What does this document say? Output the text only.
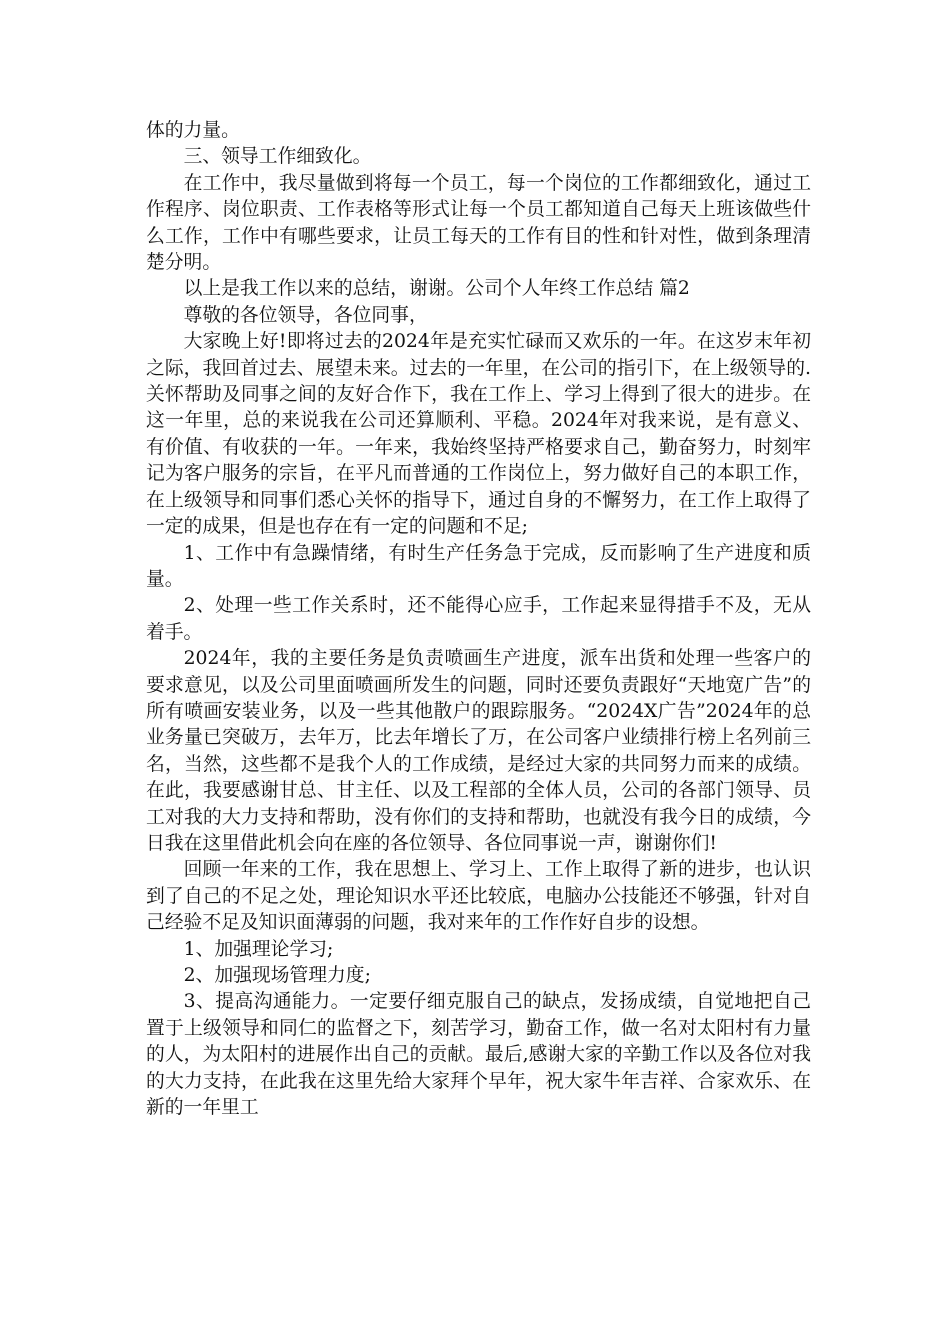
体的力量。

三、领导工作细致化。

在工作中，我尽量做到将每一个员工，每一个岗位的工作都细致化，通过工作程序、岗位职责、工作表格等形式让每一个员工都知道自己每天上班该做些什么工作，工作中有哪些要求，让员工每天的工作有目的性和针对性，做到条理清楚分明。

以上是我工作以来的总结，谢谢。公司个人年终工作总结 篇2

尊敬的各位领导，各位同事，

大家晚上好!即将过去的2024年是充实忙碌而又欢乐的一年。在这岁末年初之际，我回首过去、展望未来。过去的一年里，在公司的指引下，在上级领导的.关怀帮助及同事之间的友好合作下，我在工作上、学习上得到了很大的进步。在这一年里，总的来说我在公司还算顺利、平稳。2024年对我来说，是有意义、有价值、有收获的一年。一年来，我始终坚持严格要求自己，勤奋努力，时刻牢记为客户服务的宗旨，在平凡而普通的工作岗位上，努力做好自己的本职工作，在上级领导和同事们悉心关怀的指导下，通过自身的不懈努力，在工作上取得了一定的成果，但是也存在有一定的问题和不足;

1、工作中有急躁情绪，有时生产任务急于完成，反而影响了生产进度和质量。

2、处理一些工作关系时，还不能得心应手，工作起来显得措手不及，无从着手。

2024年，我的主要任务是负责喷画生产进度，派车出货和处理一些客户的要求意见，以及公司里面喷画所发生的问题，同时还要负责跟好“天地宽广告”的所有喷画安装业务，以及一些其他散户的跟踪服务。“2024X广告”2024年的总业务量已突破万，去年万，比去年增长了万，在公司客户业绩排行榜上名列前三名，当然，这些都不是我个人的工作成绩，是经过大家的共同努力而来的成绩。在此，我要感谢甘总、甘主任、以及工程部的全体人员，公司的各部门领导、员工对我的大力支持和帮助，没有你们的支持和帮助，也就没有我今日的成绩，今日我在这里借此机会向在座的各位领导、各位同事说一声，谢谢你们!

回顾一年来的工作，我在思想上、学习上、工作上取得了新的进步，也认识到了自己的不足之处，理论知识水平还比较底，电脑办公技能还不够强，针对自己经验不足及知识面薄弱的问题，我对来年的工作作好自步的设想。

1、加强理论学习;

2、加强现场管理力度;

3、提高沟通能力。一定要仔细克服自己的缺点，发扬成绩，自觉地把自己置于上级领导和同仁的监督之下，刻苦学习，勤奋工作，做一名对太阳村有力量的人，为太阳村的进展作出自己的贡献。最后,感谢大家的辛勤工作以及各位对我的大力支持，在此我在这里先给大家拜个早年，祝大家牛年吉祥、合家欢乐、在新的一年里工
